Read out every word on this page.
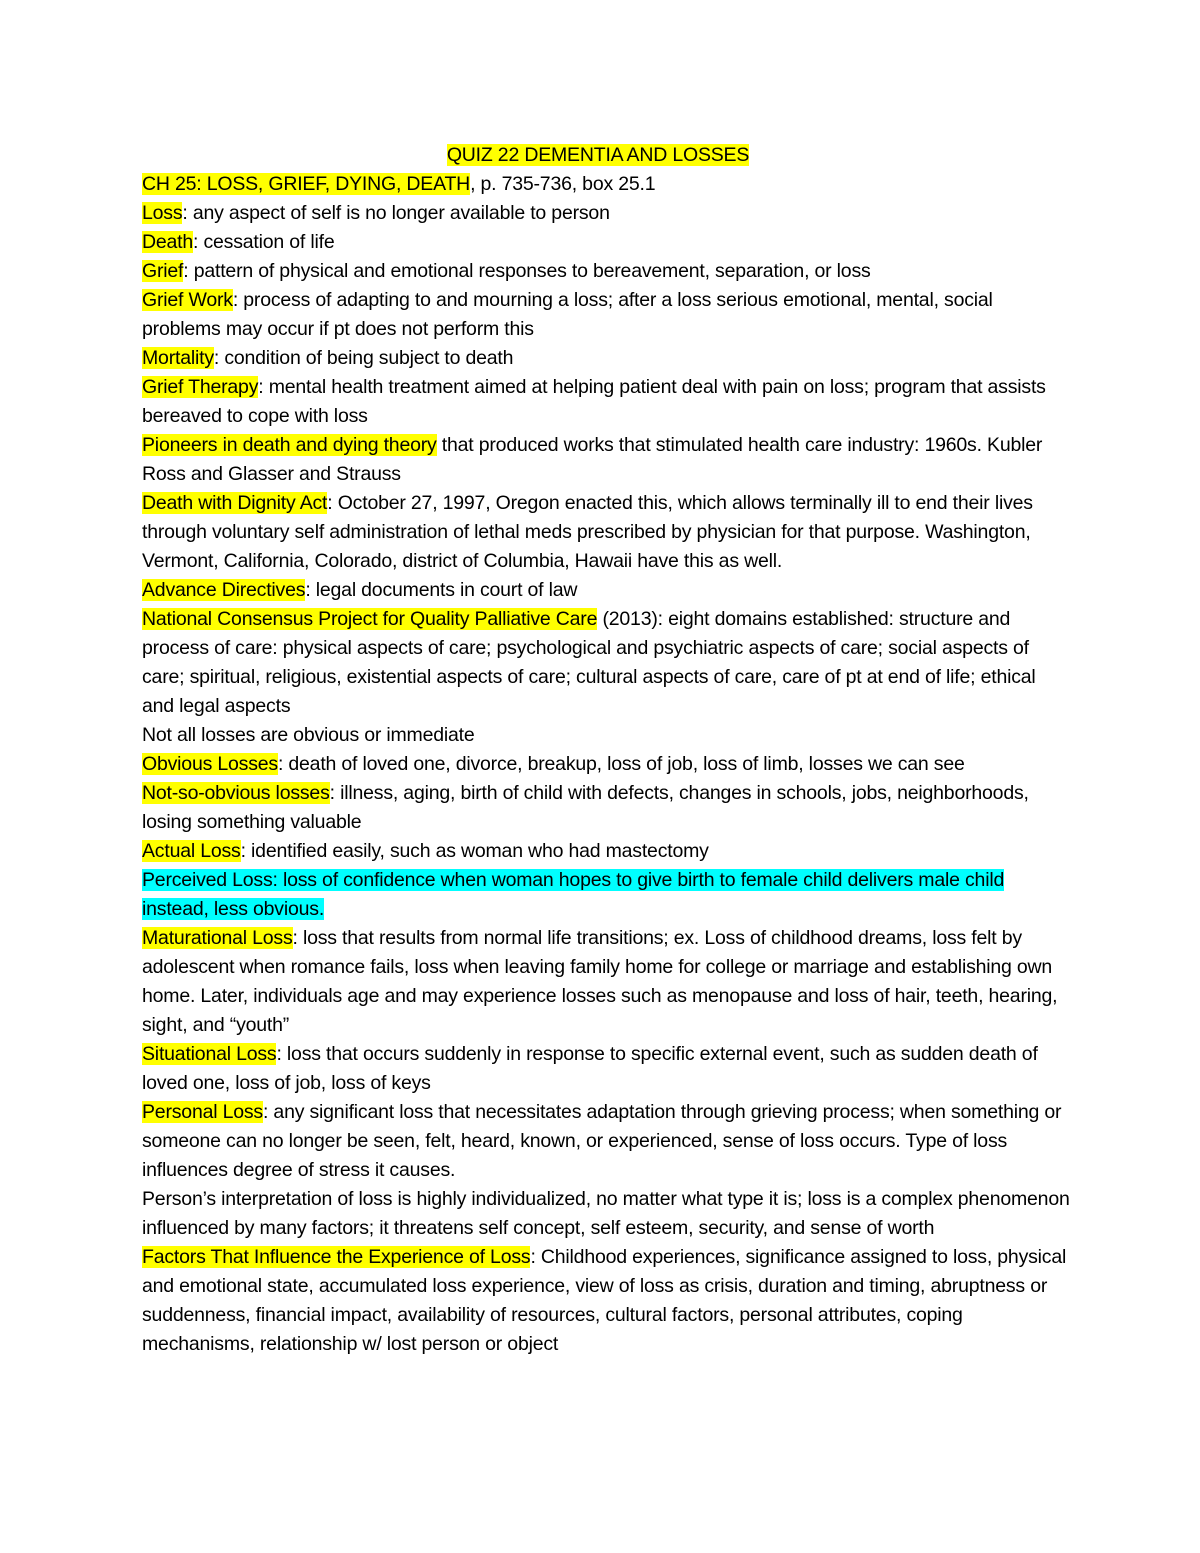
QUIZ 22 DEMENTIA AND LOSSES

CH 25: LOSS, GRIEF, DYING, DEATH, p. 735-736, box 25.1

Loss: any aspect of self is no longer available to person

Death: cessation of life

Grief: pattern of physical and emotional responses to bereavement, separation, or loss

Grief Work: process of adapting to and mourning a loss; after a loss serious emotional, mental, social problems may occur if pt does not perform this

Mortality: condition of being subject to death

Grief Therapy: mental health treatment aimed at helping patient deal with pain on loss; program that assists bereaved to cope with loss

Pioneers in death and dying theory that produced works that stimulated health care industry: 1960s. Kubler Ross and Glasser and Strauss

Death with Dignity Act: October 27, 1997, Oregon enacted this, which allows terminally ill to end their lives through voluntary self administration of lethal meds prescribed by physician for that purpose. Washington, Vermont, California, Colorado, district of Columbia, Hawaii have this as well.

Advance Directives: legal documents in court of law

National Consensus Project for Quality Palliative Care (2013): eight domains established: structure and process of care: physical aspects of care; psychological and psychiatric aspects of care; social aspects of care; spiritual, religious, existential aspects of care; cultural aspects of care, care of pt at end of life; ethical and legal aspects

Not all losses are obvious or immediate

Obvious Losses: death of loved one, divorce, breakup, loss of job, loss of limb, losses we can see

Not-so-obvious losses: illness, aging, birth of child with defects, changes in schools, jobs, neighborhoods, losing something valuable

Actual Loss: identified easily, such as woman who had mastectomy

Perceived Loss: loss of confidence when woman hopes to give birth to female child delivers male child instead, less obvious.

Maturational Loss: loss that results from normal life transitions; ex. Loss of childhood dreams, loss felt by adolescent when romance fails, loss when leaving family home for college or marriage and establishing own home. Later, individuals age and may experience losses such as menopause and loss of hair, teeth, hearing, sight, and “youth”

Situational Loss: loss that occurs suddenly in response to specific external event, such as sudden death of loved one, loss of job, loss of keys

Personal Loss: any significant loss that necessitates adaptation through grieving process; when something or someone can no longer be seen, felt, heard, known, or experienced, sense of loss occurs. Type of loss influences degree of stress it causes.

Person’s interpretation of loss is highly individualized, no matter what type it is; loss is a complex phenomenon influenced by many factors; it threatens self concept, self esteem, security, and sense of worth

Factors That Influence the Experience of Loss: Childhood experiences, significance assigned to loss, physical and emotional state, accumulated loss experience, view of loss as crisis, duration and timing, abruptness or suddenness, financial impact, availability of resources, cultural factors, personal attributes, coping mechanisms, relationship w/ lost person or object
